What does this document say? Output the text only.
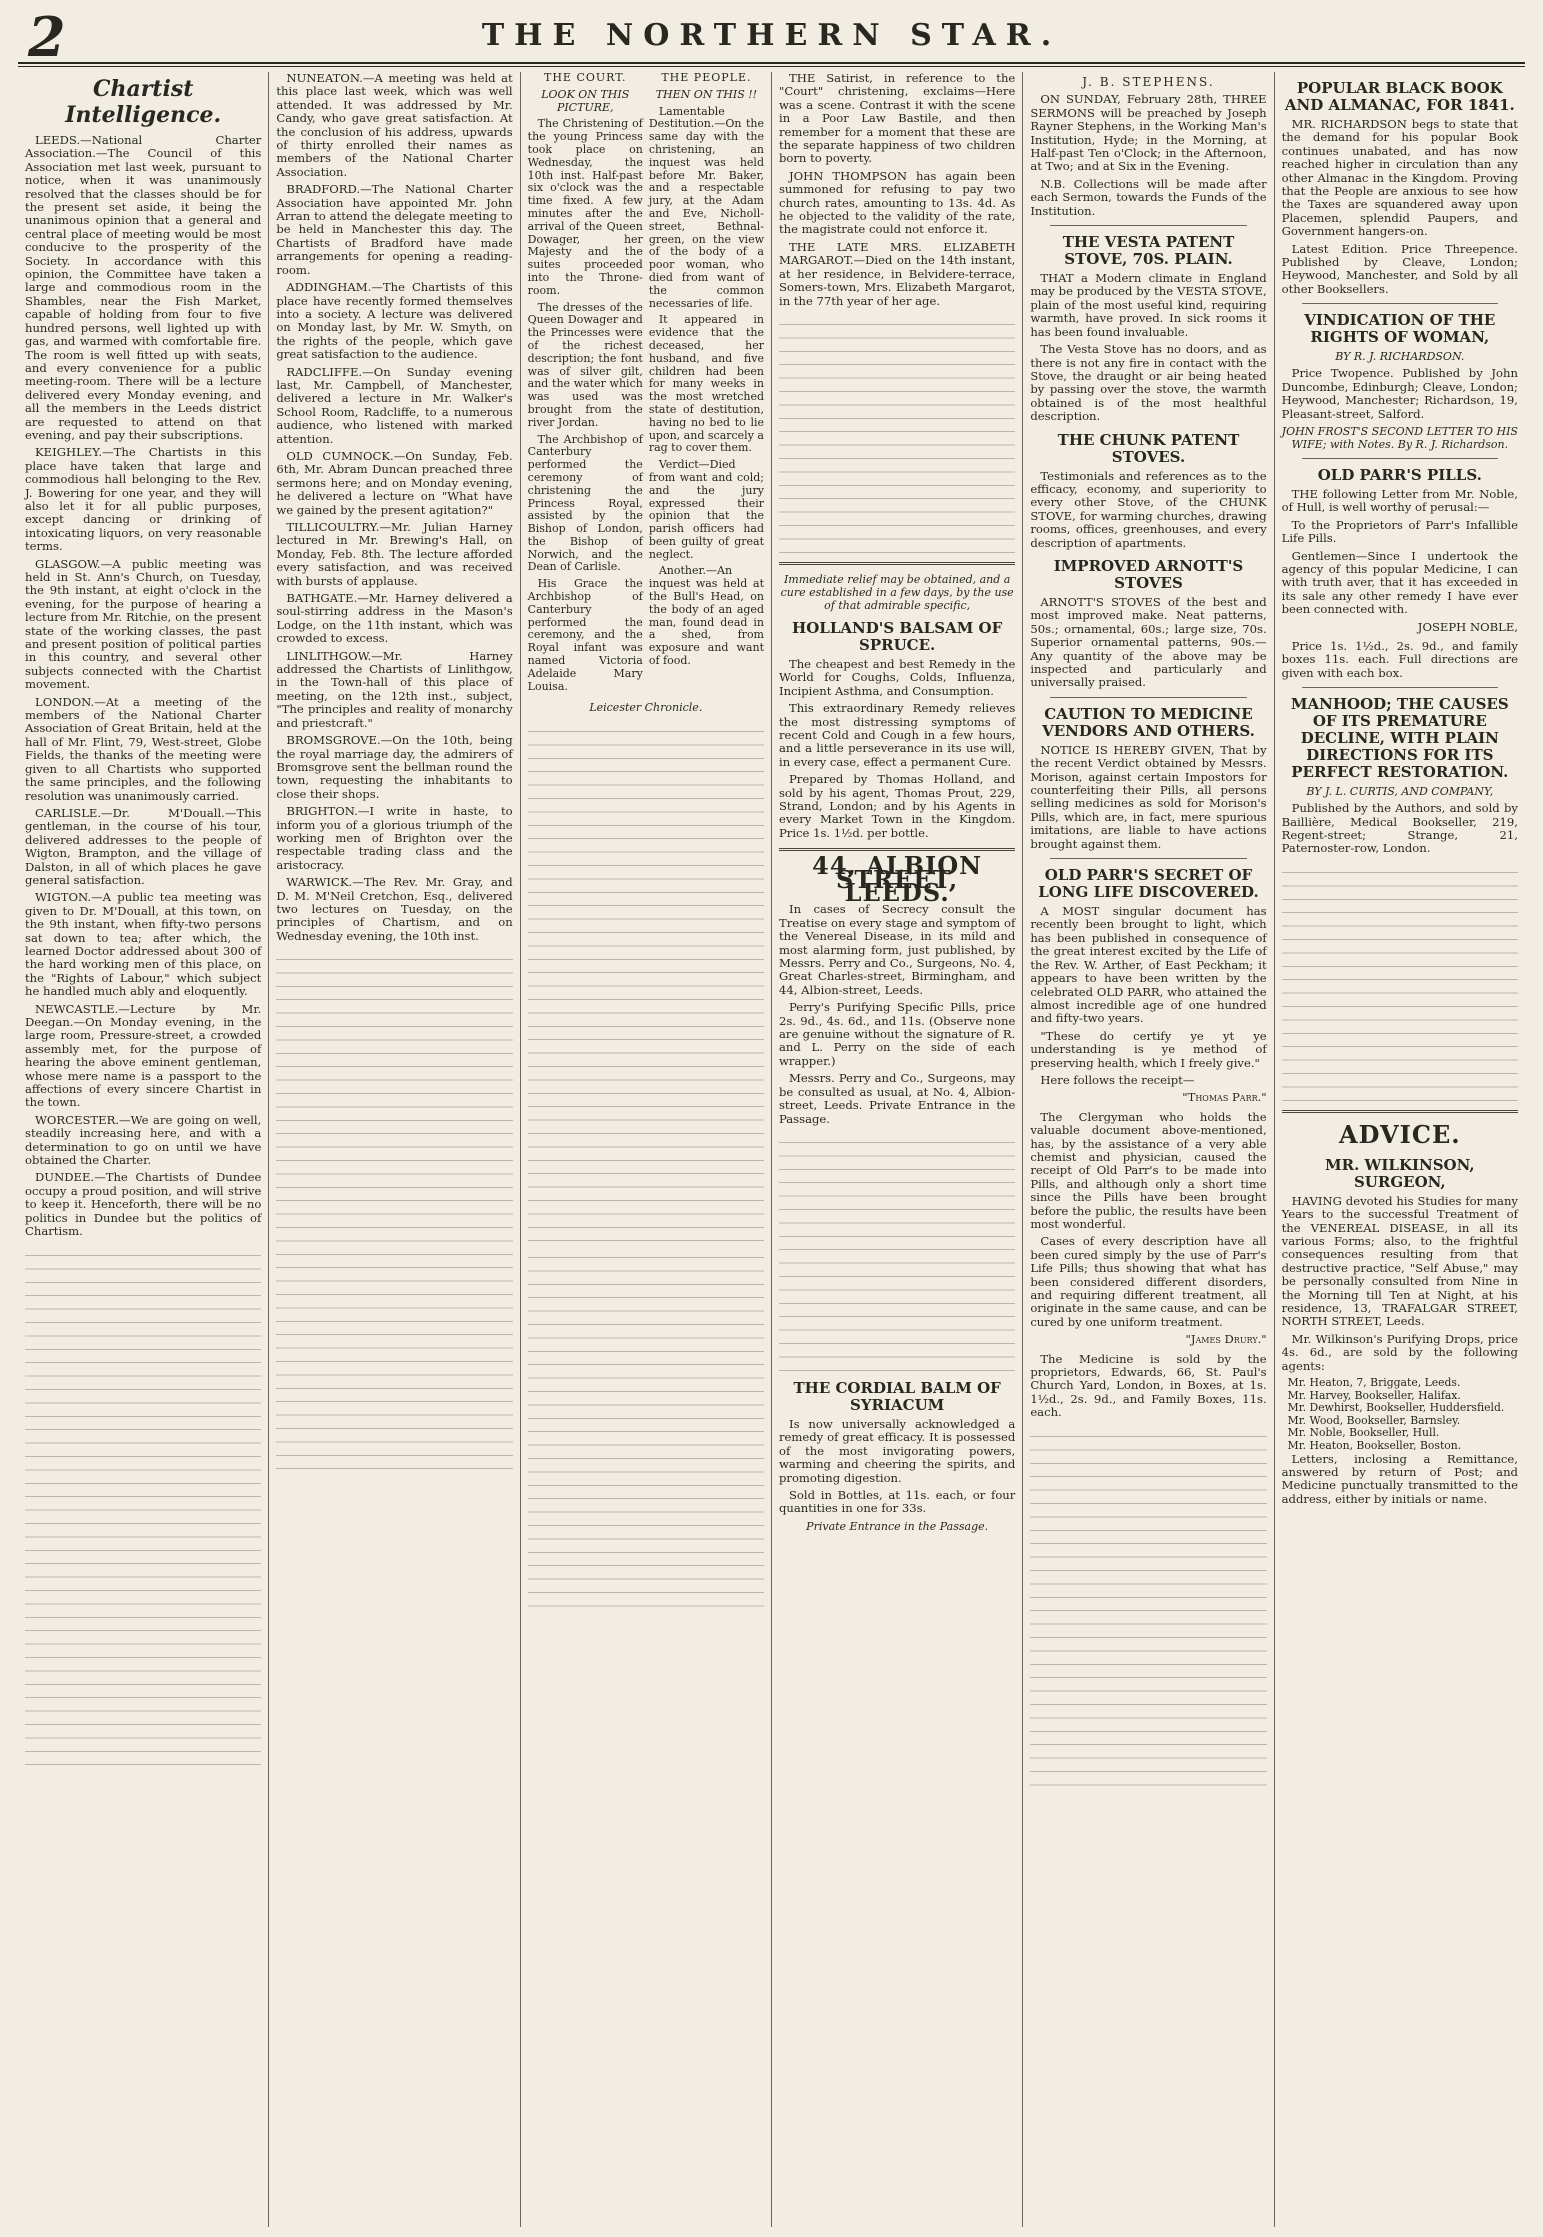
2	THE NORTHERN STAR.
Chartist Intelligence.

LEEDS.—National Charter Association.—The Council of this Association met last week, pursuant to notice, when it was unanimously resolved that the classes should be for the present set aside, it being the unanimous opinion that a general and central place of meeting would be most conducive to the prosperity of the Society. In accordance with this opinion, the Committee have taken a large and commodious room in the Shambles, near the Fish Market, capable of holding from four to five hundred persons, well lighted up with gas, and warmed with comfortable fire. The room is well fitted up with seats, and every convenience for a public meeting-room. There will be a lecture delivered every Monday evening, and all the members in the Leeds district are requested to attend on that evening, and pay their subscriptions.

KEIGHLEY.—The Chartists in this place have taken that large and commodious hall belonging to the Rev. J. Bowering for one year, and they will also let it for all public purposes, except dancing or drinking of intoxicating liquors, on very reasonable terms.

GLASGOW.—A public meeting was held in St. Ann's Church, on Tuesday, the 9th instant, at eight o'clock in the evening, for the purpose of hearing a lecture from Mr. Ritchie, on the present state of the working classes, the past and present position of political parties in this country, and several other subjects connected with the Chartist movement.

LONDON.—At a meeting of the members of the National Charter Association of Great Britain, held at the hall of Mr. Flint, 79, West-street, Globe Fields, the thanks of the meeting were given to all Chartists who supported the same principles, and the following resolution was unanimously carried.

CARLISLE.—Dr. M'Douall.—This gentleman, in the course of his tour, delivered addresses to the people of Wigton, Brampton, and the village of Dalston, in all of which places he gave general satisfaction.

WIGTON.—A public tea meeting was given to Dr. M'Douall, at this town, on the 9th instant, when fifty-two persons sat down to tea; after which, the learned Doctor addressed about 300 of the hard working men of this place, on the "Rights of Labour," which subject he handled much ably and eloquently.

NEWCASTLE.—Lecture by Mr. Deegan.—On Monday evening, in the large room, Pressure-street, a crowded assembly met, for the purpose of hearing the above eminent gentleman, whose mere name is a passport to the affections of every sincere Chartist in the town.

WORCESTER.—We are going on well, steadily increasing here, and with a determination to go on until we have obtained the Charter.

DUNDEE.—The Chartists of Dundee occupy a proud position, and will strive to keep it. Henceforth, there will be no politics in Dundee but the politics of Chartism.

NUNEATON.—A meeting was held at this place last week, which was well attended. It was addressed by Mr. Candy, who gave great satisfaction. At the conclusion of his address, upwards of thirty enrolled their names as members of the National Charter Association.

BRADFORD.—The National Charter Association have appointed Mr. John Arran to attend the delegate meeting to be held in Manchester this day. The Chartists of Bradford have made arrangements for opening a reading-room.

ADDINGHAM.—The Chartists of this place have recently formed themselves into a society. A lecture was delivered on Monday last, by Mr. W. Smyth, on the rights of the people, which gave great satisfaction to the audience.

RADCLIFFE.—On Sunday evening last, Mr. Campbell, of Manchester, delivered a lecture in Mr. Walker's School Room, Radcliffe, to a numerous audience, who listened with marked attention.

OLD CUMNOCK.—On Sunday, Feb. 6th, Mr. Abram Duncan preached three sermons here; and on Monday evening, he delivered a lecture on "What have we gained by the present agitation?"

TILLICOULTRY.—Mr. Julian Harney lectured in Mr. Brewing's Hall, on Monday, Feb. 8th. The lecture afforded every satisfaction, and was received with bursts of applause.

BATHGATE.—Mr. Harney delivered a soul-stirring address in the Mason's Lodge, on the 11th instant, which was crowded to excess.

LINLITHGOW.—Mr. Harney addressed the Chartists of Linlithgow, in the Town-hall of this place of meeting, on the 12th inst., subject, "The principles and reality of monarchy and priestcraft."

BROMSGROVE.—On the 10th, being the royal marriage day, the admirers of Bromsgrove sent the bellman round the town, requesting the inhabitants to close their shops.

BRIGHTON.—I write in haste, to inform you of a glorious triumph of the working men of Brighton over the respectable trading class and the aristocracy.

WARWICK.—The Rev. Mr. Gray, and D. M. M'Neil Cretchon, Esq., delivered two lectures on Tuesday, on the principles of Chartism, and on Wednesday evening, the 10th inst.

THE COURT.
LOOK ON THIS PICTURE,

The Christening of the young Princess took place on Wednesday, the 10th inst. Half-past six o'clock was the time fixed. A few minutes after the arrival of the Queen Dowager, her Majesty and the suites proceeded into the Throne-room.

The dresses of the Queen Dowager and the Princesses were of the richest description; the font was of silver gilt, and the water which was used was brought from the river Jordan.

The Archbishop of Canterbury performed the ceremony of christening the Princess Royal, assisted by the Bishop of London, the Bishop of Norwich, and the Dean of Carlisle.

His Grace the Archbishop of Canterbury performed the ceremony, and the Royal infant was named Victoria Adelaide Mary Louisa.

THE PEOPLE.
THEN ON THIS !!

Lamentable Destitution.—On the same day with the christening, an inquest was held before Mr. Baker, and a respectable jury, at the Adam and Eve, Nicholl-street, Bethnal-green, on the view of the body of a poor woman, who died from want of the common necessaries of life.

It appeared in evidence that the deceased, her husband, and five children had been for many weeks in the most wretched state of destitution, having no bed to lie upon, and scarcely a rag to cover them.

Verdict—Died from want and cold; and the jury expressed their opinion that the parish officers had been guilty of great neglect.

Another.—An inquest was held at the Bull's Head, on the body of an aged man, found dead in a shed, from exposure and want of food.

Leicester Chronicle.

THE Satirist, in reference to the "Court" christening, exclaims—Here was a scene. Contrast it with the scene in a Poor Law Bastile, and then remember for a moment that these are the separate happiness of two children born to poverty.

JOHN THOMPSON has again been summoned for refusing to pay two church rates, amounting to 13s. 4d. As he objected to the validity of the rate, the magistrate could not enforce it.

THE LATE MRS. ELIZABETH MARGAROT.—Died on the 14th instant, at her residence, in Belvidere-terrace, Somers-town, Mrs. Elizabeth Margarot, in the 77th year of her age.

Immediate relief may be obtained, and a cure established in a few days, by the use of that admirable specific,
HOLLAND'S BALSAM OF SPRUCE.

The cheapest and best Remedy in the World for Coughs, Colds, Influenza, Incipient Asthma, and Consumption.

This extraordinary Remedy relieves the most distressing symptoms of recent Cold and Cough in a few hours, and a little perseverance in its use will, in every case, effect a permanent Cure.

Prepared by Thomas Holland, and sold by his agent, Thomas Prout, 229, Strand, London; and by his Agents in every Market Town in the Kingdom. Price 1s. 1½d. per bottle.

44, ALBION STREET, LEEDS.

In cases of Secrecy consult the Treatise on every stage and symptom of the Venereal Disease, in its mild and most alarming form, just published, by Messrs. Perry and Co., Surgeons, No. 4, Great Charles-street, Birmingham, and 44, Albion-street, Leeds.

Perry's Purifying Specific Pills, price 2s. 9d., 4s. 6d., and 11s. (Observe none are genuine without the signature of R. and L. Perry on the side of each wrapper.)

Messrs. Perry and Co., Surgeons, may be consulted as usual, at No. 4, Albion-street, Leeds. Private Entrance in the Passage.

THE CORDIAL BALM OF SYRIACUM

Is now universally acknowledged a remedy of great efficacy. It is possessed of the most invigorating powers, warming and cheering the spirits, and promoting digestion.

Sold in Bottles, at 11s. each, or four quantities in one for 33s.

Private Entrance in the Passage.
J. B. STEPHENS.

ON SUNDAY, February 28th, THREE SERMONS will be preached by Joseph Rayner Stephens, in the Working Man's Institution, Hyde; in the Morning, at Half-past Ten o'Clock; in the Afternoon, at Two; and at Six in the Evening.

N.B. Collections will be made after each Sermon, towards the Funds of the Institution.

THE VESTA PATENT STOVE, 70S. PLAIN.

THAT a Modern climate in England may be produced by the VESTA STOVE, plain of the most useful kind, requiring warmth, have proved. In sick rooms it has been found invaluable.

The Vesta Stove has no doors, and as there is not any fire in contact with the Stove, the draught or air being heated by passing over the stove, the warmth obtained is of the most healthful description.

THE CHUNK PATENT STOVES.

Testimonials and references as to the efficacy, economy, and superiority to every other Stove, of the CHUNK STOVE, for warming churches, drawing rooms, offices, greenhouses, and every description of apartments.

IMPROVED ARNOTT'S STOVES

ARNOTT'S STOVES of the best and most improved make. Neat patterns, 50s.; ornamental, 60s.; large size, 70s. Superior ornamental patterns, 90s.—Any quantity of the above may be inspected and particularly and universally praised.

CAUTION TO MEDICINE VENDORS AND OTHERS.

NOTICE IS HEREBY GIVEN, That by the recent Verdict obtained by Messrs. Morison, against certain Impostors for counterfeiting their Pills, all persons selling medicines as sold for Morison's Pills, which are, in fact, mere spurious imitations, are liable to have actions brought against them.

OLD PARR'S SECRET OF LONG LIFE DISCOVERED.

A MOST singular document has recently been brought to light, which has been published in consequence of the great interest excited by the Life of the Rev. W. Arther, of East Peckham; it appears to have been written by the celebrated OLD PARR, who attained the almost incredible age of one hundred and fifty-two years.

"These do certify ye yt ye understanding is ye method of preserving health, which I freely give."

Here follows the receipt—

"Thomas Parr."

The Clergyman who holds the valuable document above-mentioned, has, by the assistance of a very able chemist and physician, caused the receipt of Old Parr's to be made into Pills, and although only a short time since the Pills have been brought before the public, the results have been most wonderful.

Cases of every description have all been cured simply by the use of Parr's Life Pills; thus showing that what has been considered different disorders, and requiring different treatment, all originate in the same cause, and can be cured by one uniform treatment.

"James Drury."

The Medicine is sold by the proprietors, Edwards, 66, St. Paul's Church Yard, London, in Boxes, at 1s. 1½d., 2s. 9d., and Family Boxes, 11s. each.

POPULAR BLACK BOOK AND ALMANAC, FOR 1841.

MR. RICHARDSON begs to state that the demand for his popular Book continues unabated, and has now reached higher in circulation than any other Almanac in the Kingdom. Proving that the People are anxious to see how the Taxes are squandered away upon Placemen, splendid Paupers, and Government hangers-on.

Latest Edition. Price Threepence. Published by Cleave, London; Heywood, Manchester, and Sold by all other Booksellers.

VINDICATION OF THE RIGHTS OF WOMAN,
BY R. J. RICHARDSON.

Price Twopence. Published by John Duncombe, Edinburgh; Cleave, London; Heywood, Manchester; Richardson, 19, Pleasant-street, Salford.

JOHN FROST'S SECOND LETTER TO HIS WIFE; with Notes. By R. J. Richardson.
OLD PARR'S PILLS.

THE following Letter from Mr. Noble, of Hull, is well worthy of perusal:—

To the Proprietors of Parr's Infallible Life Pills.

Gentlemen—Since I undertook the agency of this popular Medicine, I can with truth aver, that it has exceeded in its sale any other remedy I have ever been connected with.

JOSEPH NOBLE,

Price 1s. 1½d., 2s. 9d., and family boxes 11s. each. Full directions are given with each box.

MANHOOD; THE CAUSES OF ITS PREMATURE DECLINE, WITH PLAIN DIRECTIONS FOR ITS PERFECT RESTORATION.
BY J. L. CURTIS, AND COMPANY,

Published by the Authors, and sold by Baillière, Medical Bookseller, 219, Regent-street; Strange, 21, Paternoster-row, London.

ADVICE.
MR. WILKINSON, SURGEON,

HAVING devoted his Studies for many Years to the successful Treatment of the VENEREAL DISEASE, in all its various Forms; also, to the frightful consequences resulting from that destructive practice, "Self Abuse," may be personally consulted from Nine in the Morning till Ten at Night, at his residence, 13, TRAFALGAR STREET, NORTH STREET, Leeds.

Mr. Wilkinson's Purifying Drops, price 4s. 6d., are sold by the following agents:

Mr. Heaton, 7, Briggate, Leeds.
Mr. Harvey, Bookseller, Halifax.
Mr. Dewhirst, Bookseller, Huddersfield.
Mr. Wood, Bookseller, Barnsley.
Mr. Noble, Bookseller, Hull.
Mr. Heaton, Bookseller, Boston.

Letters, inclosing a Remittance, answered by return of Post; and Medicine punctually transmitted to the address, either by initials or name.
